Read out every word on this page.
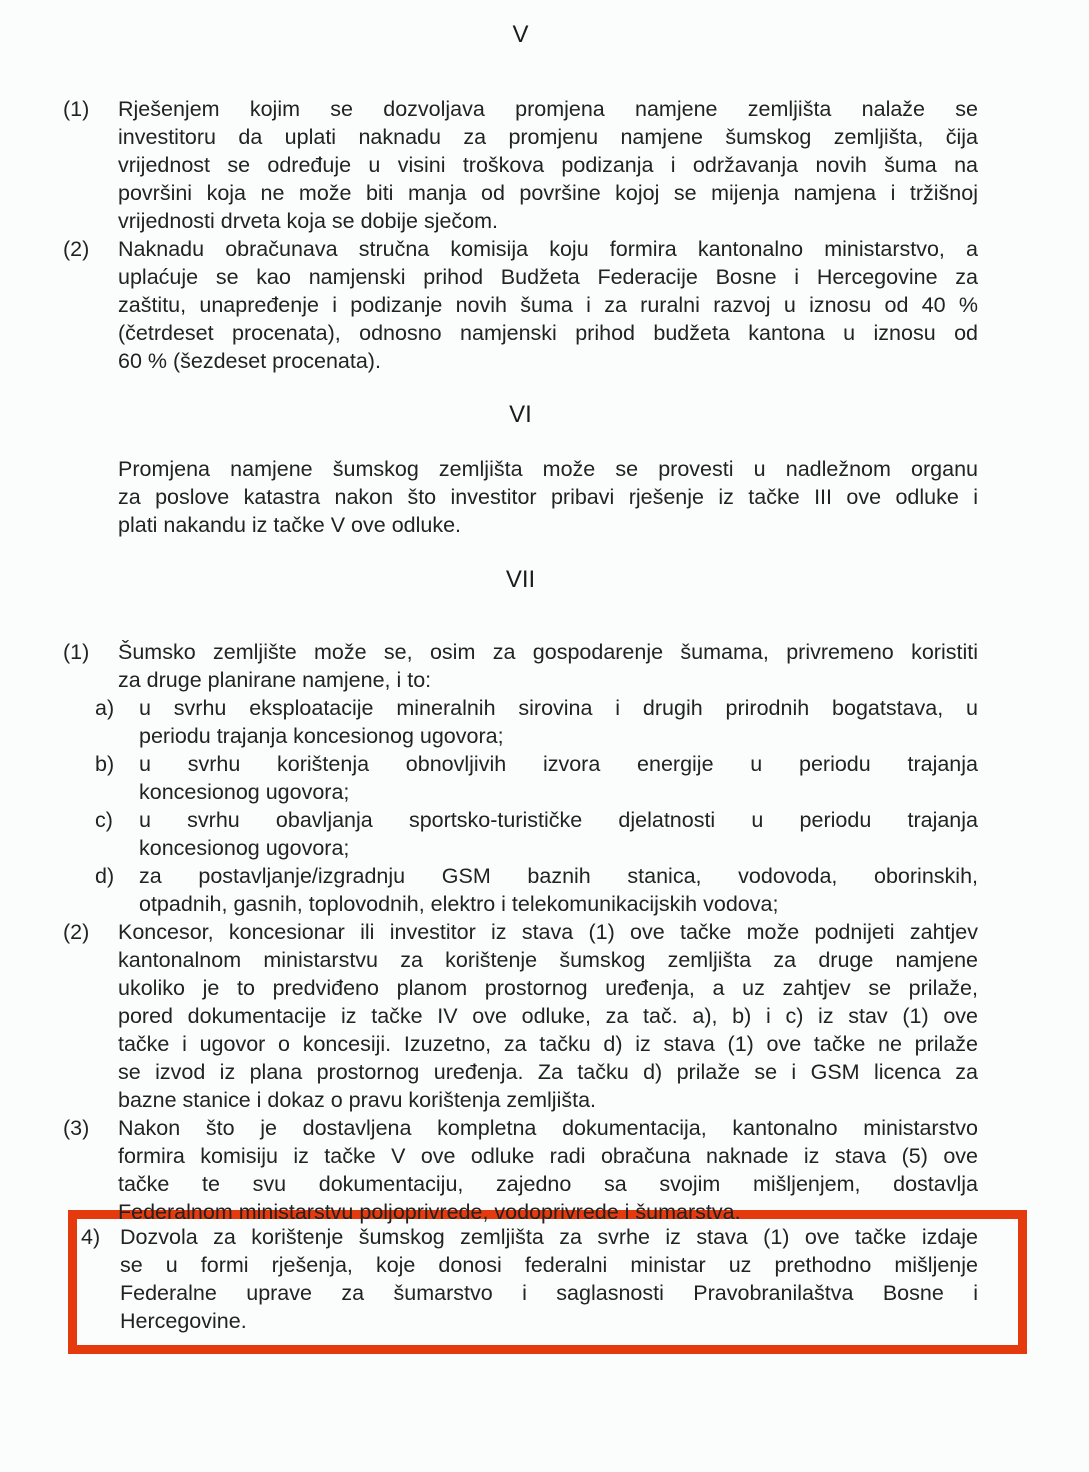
V
(1)	Rješenjem kojim se dozvoljava promjena namjene zemljišta nalaže se
investitoru da uplati naknadu za promjenu namjene šumskog zemljišta, čija
vrijednost se određuje u visini troškova podizanja i održavanja novih šuma na
površini koja ne može biti manja od površine kojoj se mijenja namjena i tržišnoj
vrijednosti drveta koja se dobije sječom.
(2)	Naknadu obračunava stručna komisija koju formira kantonalno ministarstvo, a
uplaćuje se kao namjenski prihod Budžeta Federacije Bosne i Hercegovine za
zaštitu, unapređenje i podizanje novih šuma i za ruralni razvoj u iznosu od 40 %
(četrdeset procenata), odnosno namjenski prihod budžeta kantona u iznosu od
60 % (šezdeset procenata).
VI
Promjena namjene šumskog zemljišta može se provesti u nadležnom organu
za poslove katastra nakon što investitor pribavi rješenje iz tačke III ove odluke i
plati nakandu iz tačke V ove odluke.
VII
(1)	Šumsko zemljište može se, osim za gospodarenje šumama, privremeno koristiti
za druge planirane namjene, i to:
a)	u svrhu eksploatacije mineralnih sirovina i drugih prirodnih bogatstava, u
periodu trajanja koncesionog ugovora;
b)	u svrhu korištenja obnovljivih izvora energije u periodu trajanja
koncesionog ugovora;
c)	u svrhu obavljanja sportsko-turističke djelatnosti u periodu trajanja
koncesionog ugovora;
d)	za postavljanje/izgradnju GSM baznih stanica, vodovoda, oborinskih,
otpadnih, gasnih, toplovodnih, elektro i telekomunikacijskih vodova;
(2)	Koncesor, koncesionar ili investitor iz stava (1) ove tačke može podnijeti zahtjev
kantonalnom ministarstvu za korištenje šumskog zemljišta za druge namjene
ukoliko je to predviđeno planom prostornog uređenja, a uz zahtjev se prilaže,
pored dokumentacije iz tačke IV ove odluke, za tač. a), b) i c) iz stav (1) ove
tačke i ugovor o koncesiji. Izuzetno, za tačku d) iz stava (1) ove tačke ne prilaže
se izvod iz plana prostornog uređenja. Za tačku d) prilaže se i GSM licenca za
bazne stanice i dokaz o pravu korištenja zemljišta.
(3)	Nakon što je dostavljena kompletna dokumentacija, kantonalno ministarstvo
formira komisiju iz tačke V ove odluke radi obračuna naknade iz stava (5) ove
tačke te svu dokumentaciju, zajedno sa svojim mišljenjem, dostavlja
Federalnom ministarstvu poljoprivrede, vodoprivrede i šumarstva.
4) Dozvola za korištenje šumskog zemljišta za svrhe iz stava (1) ove tačke izdaje
se u formi rješenja, koje donosi federalni ministar uz prethodno mišljenje
Federalne uprave za šumarstvo i saglasnosti Pravobranilaštva Bosne i
Hercegovine.
